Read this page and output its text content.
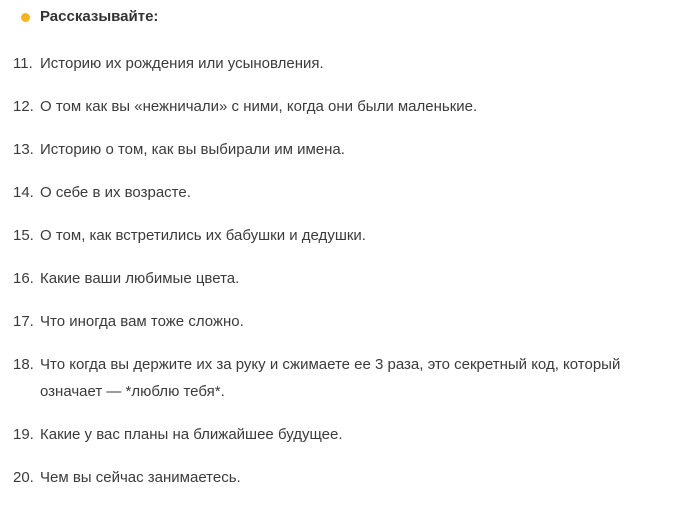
Рассказывайте:
11. Историю их рождения или усыновления.
12. О том как вы «нежничали» с ними, когда они были маленькие.
13. Историю о том, как вы выбирали им имена.
14. О себе в их возрасте.
15. О том, как встретились их бабушки и дедушки.
16. Какие ваши любимые цвета.
17. Что иногда вам тоже сложно.
18. Что когда вы держите их за руку и сжимаете ее 3 раза, это секретный код, который означает — *люблю тебя*.
19. Какие у вас планы на ближайшее будущее.
20. Чем вы сейчас занимаетесь.
